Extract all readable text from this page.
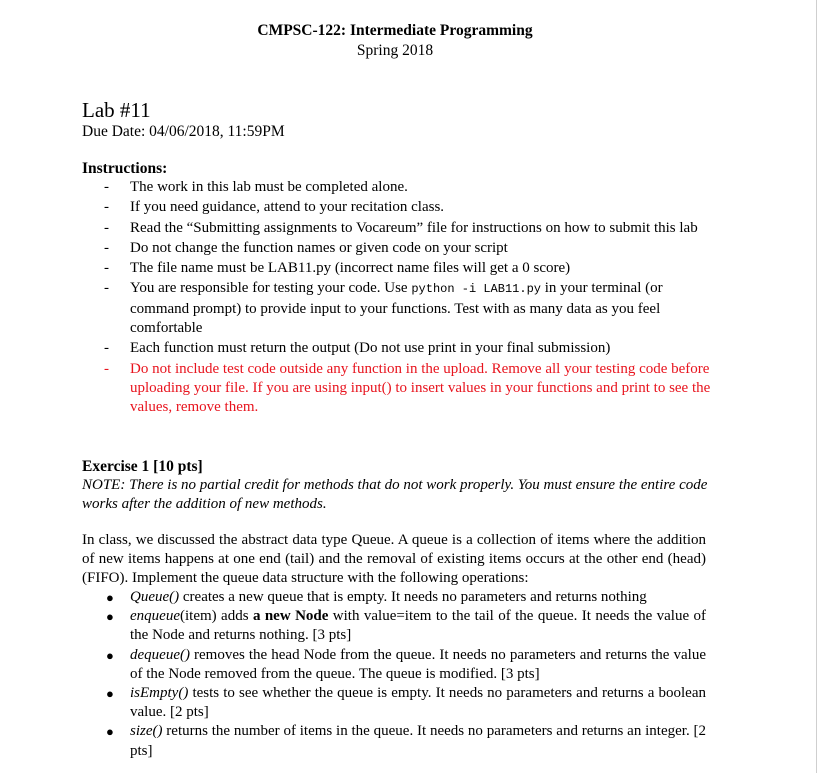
CMPSC-122: Intermediate Programming
Spring 2018
Lab #11
Due Date: 04/06/2018, 11:59PM
Instructions:
- The work in this lab must be completed alone.
- If you need guidance, attend to your recitation class.
- Read the “Submitting assignments to Vocareum” file for instructions on how to submit this lab
- Do not change the function names or given code on your script
- The file name must be LAB11.py (incorrect name files will get a 0 score)
- You are responsible for testing your code. Use python -i LAB11.py in your terminal (or command prompt) to provide input to your functions. Test with as many data as you feel comfortable
- Each function must return the output (Do not use print in your final submission)
- Do not include test code outside any function in the upload. Remove all your testing code before uploading your file. If you are using input() to insert values in your functions and print to see the values, remove them.
Exercise 1 [10 pts]
NOTE: There is no partial credit for methods that do not work properly. You must ensure the entire code works after the addition of new methods.
In class, we discussed the abstract data type Queue. A queue is a collection of items where the addition of new items happens at one end (tail) and the removal of existing items occurs at the other end (head) (FIFO). Implement the queue data structure with the following operations:
● Queue() creates a new queue that is empty. It needs no parameters and returns nothing
● enqueue(item) adds a new Node with value=item to the tail of the queue. It needs the value of the Node and returns nothing. [3 pts]
● dequeue() removes the head Node from the queue. It needs no parameters and returns the value of the Node removed from the queue. The queue is modified. [3 pts]
● isEmpty() tests to see whether the queue is empty. It needs no parameters and returns a boolean value. [2 pts]
● size() returns the number of items in the queue. It needs no parameters and returns an integer. [2 pts]
